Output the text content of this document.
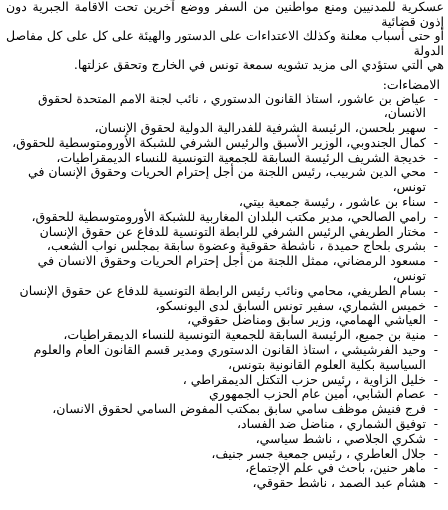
عسكرية للمدنيين ومنع مواطنين من السفر ووضع آخرين تحت الاقامة الجبرية دون إذون قضائية

أو حتى أسباب معلنة وكذلك الاعتداءات على الدستور والهيئة على كل على كل مفاصل الدولة

هي التي ستؤدي الى مزيد تشويه سمعة تونس في الخارج وتحقق عزلتها.

الامضاءات:
- عياض بن عاشور، استاذ القانون الدستوري ، نائب لجنة الامم المتحدة لحقوق الانسان،
- سهير بلحسن، الرئيسة الشرفية للفدرالية الدولية لحقوق الإنسان،
- كمال الجندوبي، الوزير الأسبق والرئيس الشرفي للشبكة الأورومتوسطية للحقوق،
- خديجة الشريف الرئيسة السابقة للجمعية التونسية للنساء الديمقراطيات،
- محي الدين شربيب، رئيس اللجنة من أجل إحترام الحريات وحقوق الإنسان في تونس،
- سناء بن عاشور ، رئيسة جمعية بيتي،
- رامي الصالحي، مدير مكتب البلدان المغاربية للشبكة الأورومتوسطية للحقوق،
- مختار الطريفي الرئيس الشرفي للرابطة التونسية للدفاع عن حقوق الإنسان
- بشرى بلحاج حميدة ، ناشطة حقوقية وعضوة سابقة بمجلس نواب الشعب،
- مسعود الرمضاني، ممثل اللجنة من أجل إحترام الحريات وحقوق الانسان في تونس،
- بسام الطريفي، محامي ونائب رئيس الرابطة التونسية للدفاع عن حقوق الإنسان
- خميس الشماري، سفير تونس السابق لدى اليونسكو،
- العياشي الهمامي، وزير سابق ومناضل حقوقي،
- منية بن جميع، الرئيسة السابقة للجمعية التونسية للنساء الديمقراطيات،
- وحيد الفرشيشي ، استاذ القانون الدستوري ومدير قسم القانون العام والعلوم السياسية بكلية العلوم القانونية بتونس،
- خليل الزاوية ، رئيس حزب التكتل الديمقراطي ،
- عصام الشابي، أمين عام الحزب الجمهوري
- فرج فنيش موظف سامي سابق بمكتب المفوض السامي لحقوق الانسان،
- توفيق الشماري ، مناضل ضد الفساد،
- شكري الجلاصي ، ناشط سياسي،
- جلال العاطري ، رئيس جمعية جسر جنيف،
- ماهر حنين، باحث في علم الإجتماع،
- هشام عبد الصمد ، ناشط حقوقي،
